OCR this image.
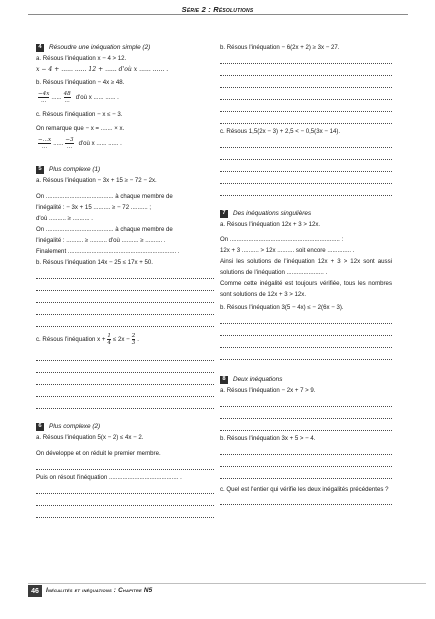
Série 2 : Résolutions
4	Résoudre une inéquation simple (2)
a. Résous l'inéquation x − 4 > 12.
x − 4 + ...... ...... 12 + ...... d'où x ...... ...... .
b. Résous l'inéquation − 4x ≥ 48.
$\frac{-4x}{...}$ ...... $\frac{48}{...}$ d'où x ...... ...... .
c. Résous l'inéquation − x ≤ − 3.
On remarque que − x = ....... × x.
$\frac{-...x}{...}$ ...... $\frac{-3}{...}$ d'où x ...... ...... .
5	Plus complexe (1)
a. Résous l'inéquation − 3x + 15 ≥ − 72 − 2x.
On ........................................ à chaque membre de
l'inégalité : − 3x + 15 .......... ≥ − 72 .......... ;
d'où .......... ≥ .......... .
On ........................................ à chaque membre de
l'inégalité : .......... ≥ .......... d'où .......... ≥ .......... .
Finalement ................................................................ .
b. Résous l'inéquation 14x − 25 ≤ 17x + 50.
c. Résous l'inéquation $x + \frac{1}{4} \le 2x - \frac{2}{3}$ .
6	Plus complexe (2)
a. Résous l'inéquation 5(x − 2) ≤ 4x − 2.
On développe et on réduit le premier membre.
Puis on résout l'inéquation ......................................... .
b. Résous l'inéquation − 6(2x + 2) ≥ 3x − 27.
c. Résous 1,5(2x − 3) + 2,5 < − 0,5(3x − 14).
7	Des inéquations singulières
a. Résous l'inéquation 12x + 3 > 12x.
On ................................................................. :
12x + 3 .......... > 12x .......... soit encore .............. .
Ainsi les solutions de l'inéquation 12x + 3 > 12x sont aussi solutions de l'inéquation ...................... .
Comme cette inégalité est toujours vérifiée, tous les nombres sont solutions de 12x + 3 > 12x.
b. Résous l'inéquation 3(5 − 4x) ≤ − 2(6x − 3).
8	Deux inéquations
a. Résous l'inéquation − 2x + 7 > 9.
b. Résous l'inéquation 3x + 5 > − 4.
c. Quel est l'entier qui vérifie les deux inégalités précédentes ?
46	Inégalités et inéquations : Chapitre N5
